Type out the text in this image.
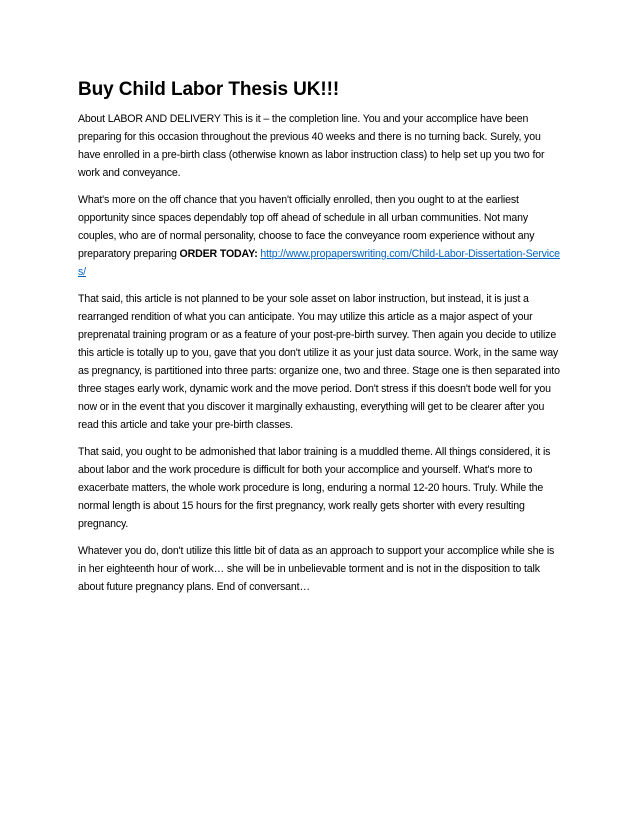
Buy Child Labor Thesis UK!!!

About LABOR AND DELIVERY This is it – the completion line. You and your accomplice have been preparing for this occasion throughout the previous 40 weeks and there is no turning back. Surely, you have enrolled in a pre-birth class (otherwise known as labor instruction class) to help set up you two for work and conveyance.

What's more on the off chance that you haven't officially enrolled, then you ought to at the earliest opportunity since spaces dependably top off ahead of schedule in all urban communities. Not many couples, who are of normal personality, choose to face the conveyance room experience without any preparatory preparing ORDER TODAY: http://www.propaperswriting.com/Child-Labor-Dissertation-Services/

That said, this article is not planned to be your sole asset on labor instruction, but instead, it is just a rearranged rendition of what you can anticipate. You may utilize this article as a major aspect of your preprenatal training program or as a feature of your post-pre-birth survey. Then again you decide to utilize this article is totally up to you, gave that you don't utilize it as your just data source. Work, in the same way as pregnancy, is partitioned into three parts: organize one, two and three. Stage one is then separated into three stages early work, dynamic work and the move period. Don't stress if this doesn't bode well for you now or in the event that you discover it marginally exhausting, everything will get to be clearer after you read this article and take your pre-birth classes.

That said, you ought to be admonished that labor training is a muddled theme. All things considered, it is about labor and the work procedure is difficult for both your accomplice and yourself. What's more to exacerbate matters, the whole work procedure is long, enduring a normal 12-20 hours. Truly. While the normal length is about 15 hours for the first pregnancy, work really gets shorter with every resulting pregnancy.

Whatever you do, don't utilize this little bit of data as an approach to support your accomplice while she is in her eighteenth hour of work… she will be in unbelievable torment and is not in the disposition to talk about future pregnancy plans. End of conversant…
